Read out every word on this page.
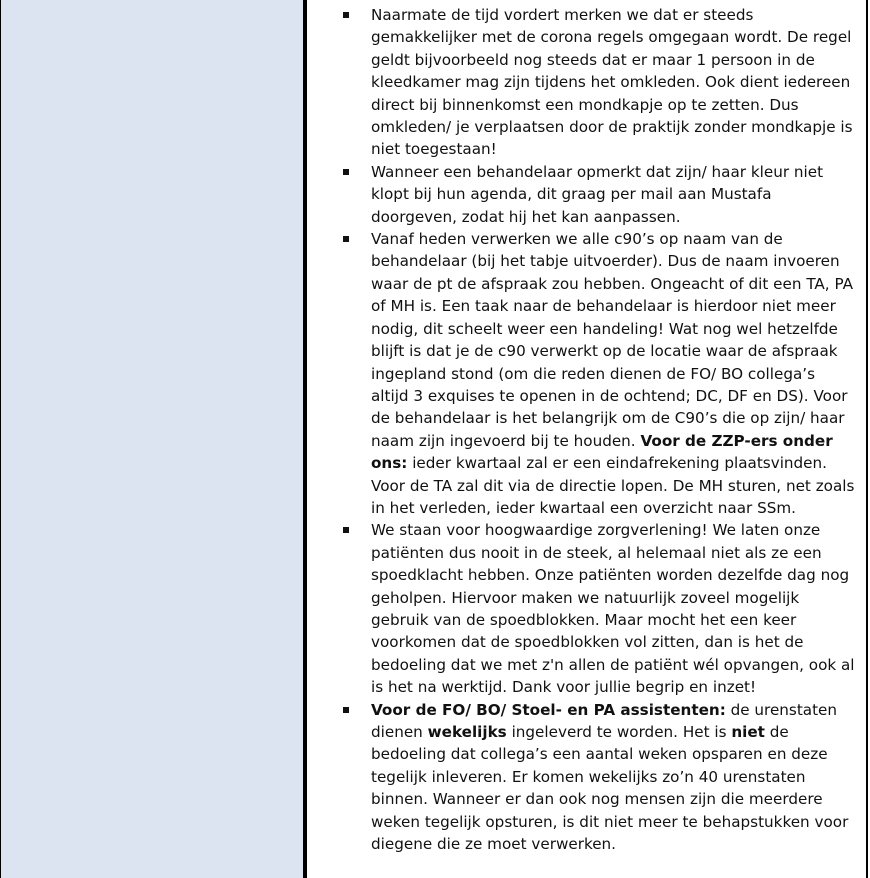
Naarmate de tijd vordert merken we dat er steeds gemakkelijker met de corona regels omgegaan wordt. De regel geldt bijvoorbeeld nog steeds dat er maar 1 persoon in de kleedkamer mag zijn tijdens het omkleden. Ook dient iedereen direct bij binnenkomst een mondkapje op te zetten. Dus omkleden/ je verplaatsen door de praktijk zonder mondkapje is niet toegestaan!
Wanneer een behandelaar opmerkt dat zijn/ haar kleur niet klopt bij hun agenda, dit graag per mail aan Mustafa doorgeven, zodat hij het kan aanpassen.
Vanaf heden verwerken we alle c90’s op naam van de behandelaar (bij het tabje uitvoerder). Dus de naam invoeren waar de pt de afspraak zou hebben. Ongeacht of dit een TA, PA of MH is. Een taak naar de behandelaar is hierdoor niet meer nodig, dit scheelt weer een handeling! Wat nog wel hetzelfde blijft is dat je de c90 verwerkt op de locatie waar de afspraak ingepland stond (om die reden dienen de FO/ BO collega’s altijd 3 exquises te openen in de ochtend; DC, DF en DS). Voor de behandelaar is het belangrijk om de C90’s die op zijn/ haar naam zijn ingevoerd bij te houden. Voor de ZZP-ers onder ons: ieder kwartaal zal er een eindafrekening plaatsvinden. Voor de TA zal dit via de directie lopen. De MH sturen, net zoals in het verleden, ieder kwartaal een overzicht naar SSm.
We staan voor hoogwaardige zorgverlening! We laten onze patiënten dus nooit in de steek, al helemaal niet als ze een spoedklacht hebben. Onze patiënten worden dezelfde dag nog geholpen. Hiervoor maken we natuurlijk zoveel mogelijk gebruik van de spoedblokken. Maar mocht het een keer voorkomen dat de spoedblokken vol zitten, dan is het de bedoeling dat we met z'n allen de patiënt wél opvangen, ook al is het na werktijd. Dank voor jullie begrip en inzet!
Voor de FO/ BO/ Stoel- en PA assistenten: de urenstaten dienen wekelijks ingeleverd te worden. Het is niet de bedoeling dat collega’s een aantal weken opsparen en deze tegelijk inleveren. Er komen wekelijks zo’n 40 urenstaten binnen. Wanneer er dan ook nog mensen zijn die meerdere weken tegelijk opsturen, is dit niet meer te behapstukken voor diegene die ze moet verwerken.
